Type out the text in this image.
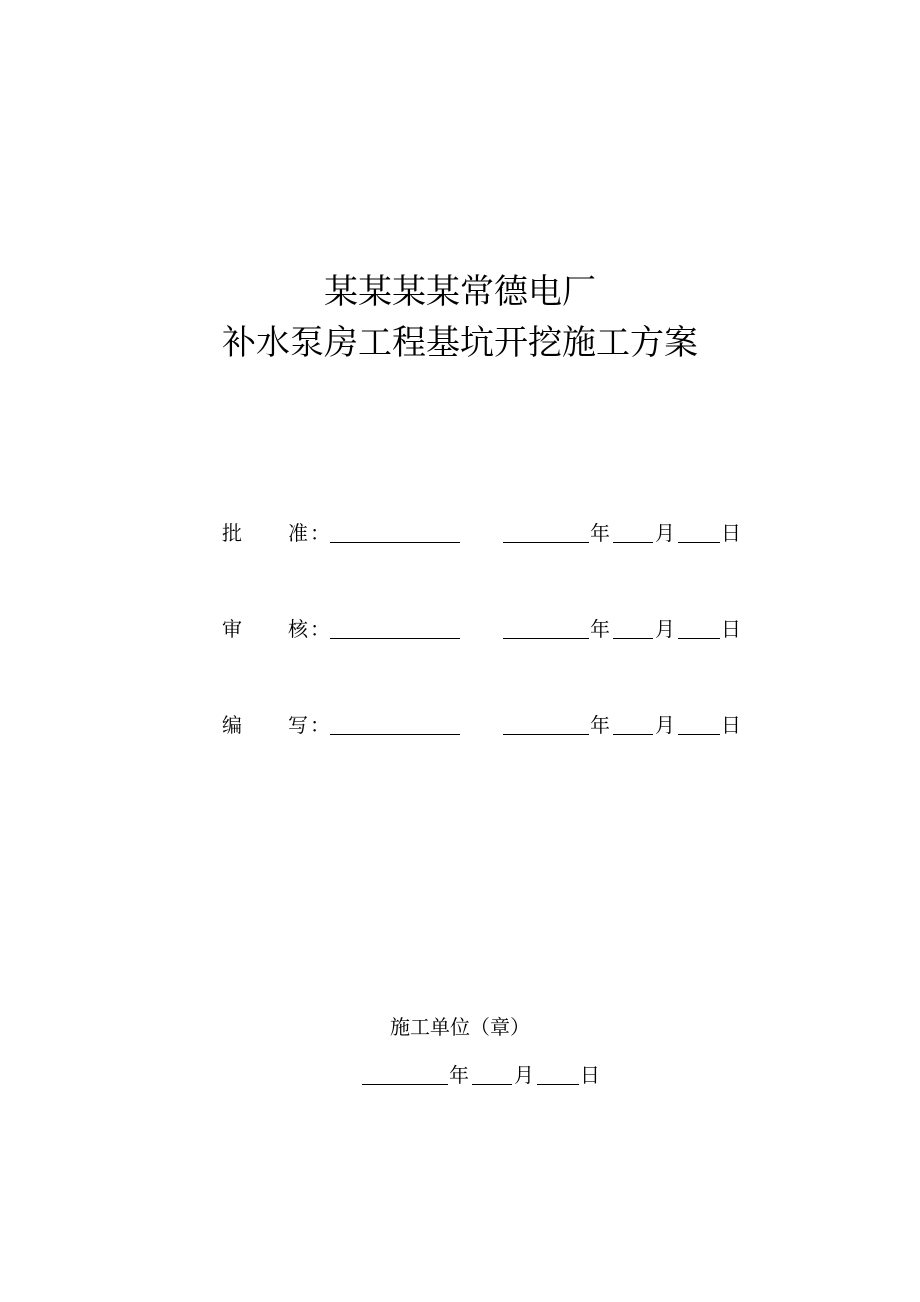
某某某某常德电厂
补水泵房工程基坑开挖施工方案
批 准 ：	年 月 日
审 核 ：	年 月 日
编 写 ：	年 月 日
施工单位（章）
年 月 日
